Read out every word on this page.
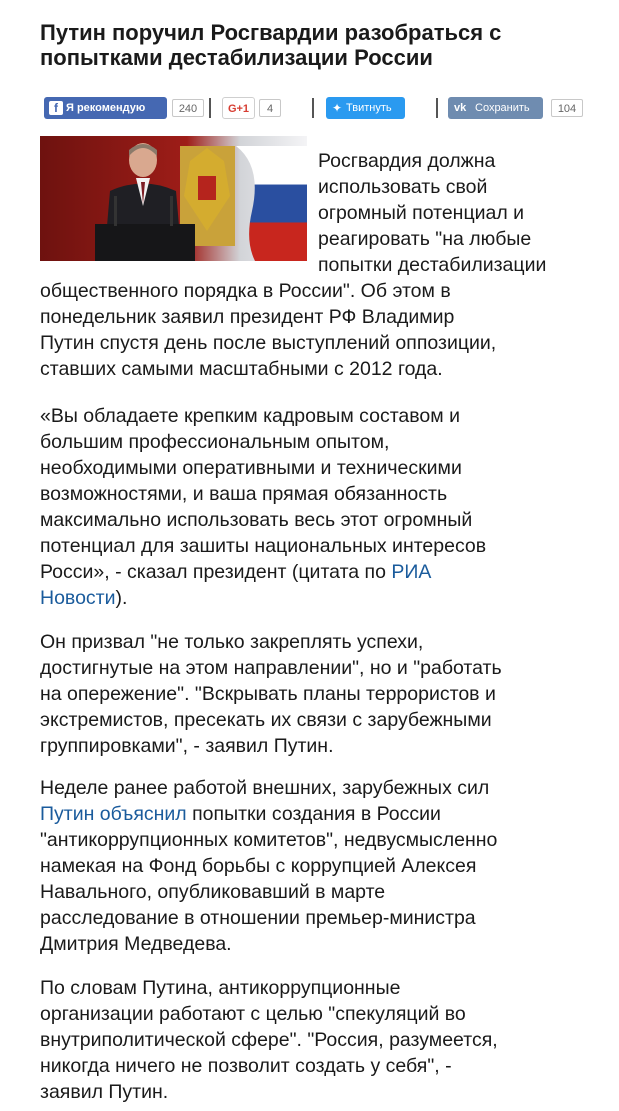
Путин поручил Росгвардии разобраться с
попытками дестабилизации России
f Я рекомендую	240	G+1	4	✦ Твитнуть	vk Сохранить	104
Росгвардия должна
использовать свой
огромный потенциал и
реагировать "на любые
попытки дестабилизации
общественного порядка в России". Об этом в
понедельник заявил президент РФ Владимир
Путин спустя день после выступлений оппозиции,
ставших самыми масштабными с 2012 года.

«Вы обладаете крепким кадровым составом и
большим профессиональным опытом,
необходимыми оперативными и техническими
возможностями, и ваша прямая обязанность
максимально использовать весь этот огромный
потенциал для зашиты национальных интересов
Росси», - сказал президент (цитата по РИА
Новости).

Он призвал "не только закреплять успехи,
достигнутые на этом направлении", но и "работать
на опережение". "Вскрывать планы террористов и
экстремистов, пресекать их связи с зарубежными
группировками", - заявил Путин.

Неделе ранее работой внешних, зарубежных сил
Путин объяснил попытки создания в России
"антикоррупционных комитетов", недвусмысленно
намекая на Фонд борьбы с коррупцией Алексея
Навального, опубликовавший в марте
расследование в отношении премьер-министра
Дмитрия Медведева.

По словам Путина, антикоррупционные
организации работают с целью "спекуляций во
внутриполитической сфере". "Россия, разумеется,
никогда ничего не позволит создать у себя", -
заявил Путин.
